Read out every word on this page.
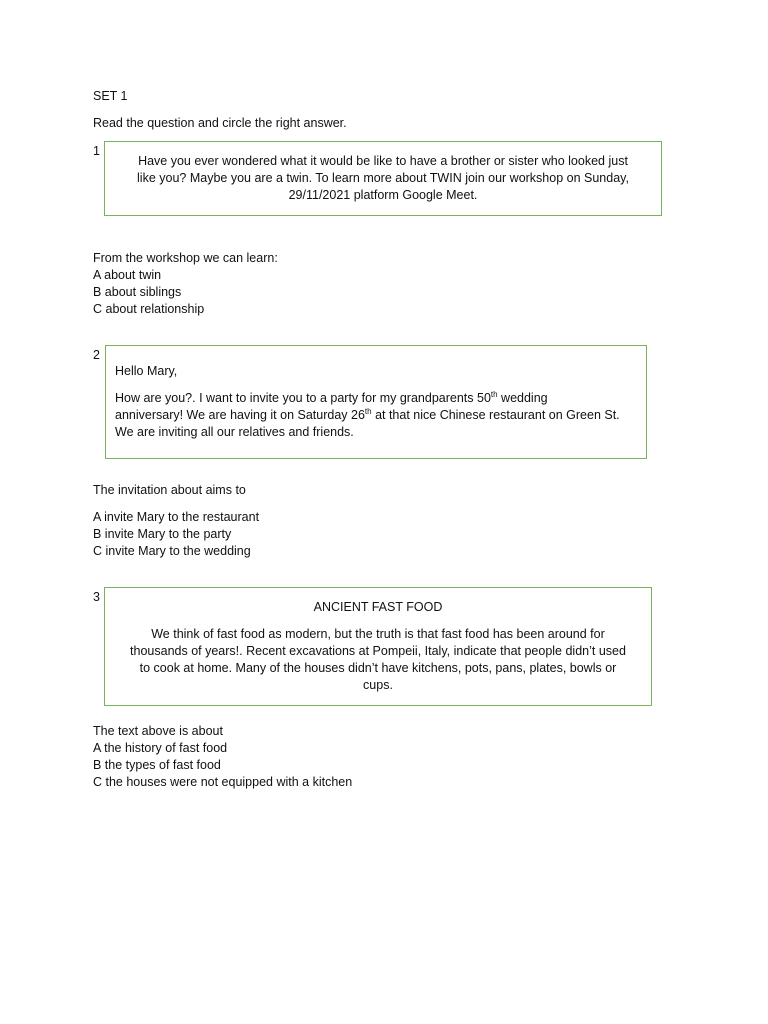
SET 1

Read the question and circle the right answer.

1

Have you ever wondered what it would be like to have a brother or sister who looked just
like you? Maybe you are a twin. To learn more about TWIN join our workshop on Sunday,
29/11/2021 platform Google Meet.
From the workshop we can learn:
A about twin
B about siblings
C about relationship

2

Hello Mary,
How are you?. I want to invite you to a party for my grandparents 50th wedding
anniversary! We are having it on Saturday 26th at that nice Chinese restaurant on Green St.
We are inviting all our relatives and friends.

The invitation about aims to

A invite Mary to the restaurant
B invite Mary to the party
C invite Mary to the wedding

3

ANCIENT FAST FOOD
We think of fast food as modern, but the truth is that fast food has been around for
thousands of years!. Recent excavations at Pompeii, Italy, indicate that people didn’t used
to cook at home. Many of the houses didn’t have kitchens, pots, pans, plates, bowls or
cups.
The text above is about
A the history of fast food
B the types of fast food
C the houses were not equipped with a kitchen
